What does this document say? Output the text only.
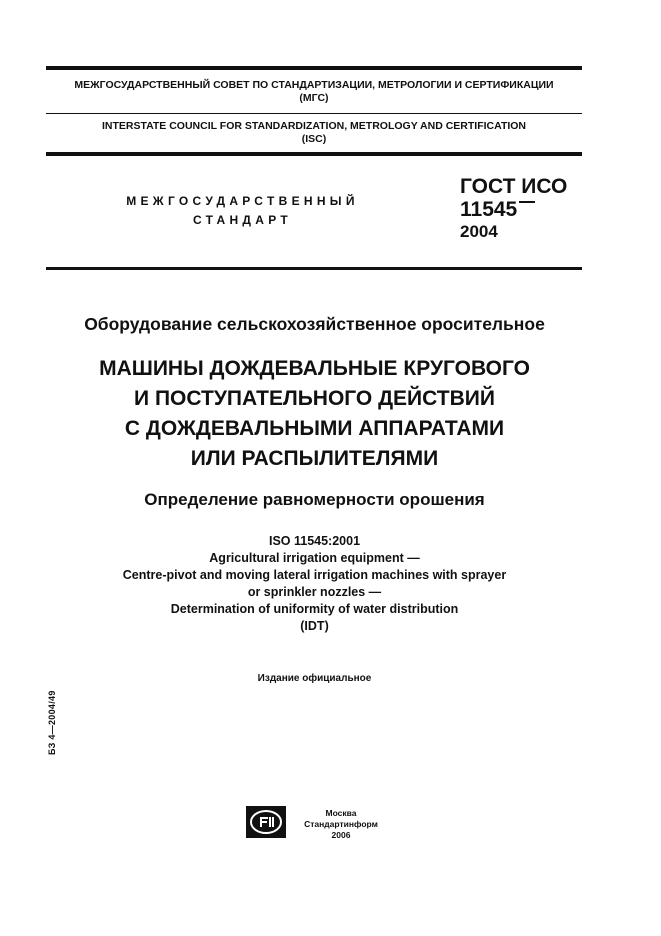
МЕЖГОСУДАРСТВЕННЫЙ СОВЕТ ПО СТАНДАРТИЗАЦИИ, МЕТРОЛОГИИ И СЕРТИФИКАЦИИ
(МГС)
INTERSTATE COUNCIL FOR STANDARDIZATION, METROLOGY AND CERTIFICATION
(ISC)
МЕЖГОСУДАРСТВЕННЫЙ
СТАНДАРТ
ГОСТ ИСО
11545
2004
Оборудование сельскохозяйственное оросительное
МАШИНЫ ДОЖДЕВАЛЬНЫЕ КРУГОВОГО
И ПОСТУПАТЕЛЬНОГО ДЕЙСТВИЙ
С ДОЖДЕВАЛЬНЫМИ АППАРАТАМИ
ИЛИ РАСПЫЛИТЕЛЯМИ
Определение равномерности орошения
ISO 11545:2001
Agricultural irrigation equipment —
Centre-pivot and moving lateral irrigation machines with sprayer
or sprinkler nozzles —
Determination of uniformity of water distribution
(IDT)
Издание официальное
БЗ 4—2004/49
Москва
Стандартинформ
2006
